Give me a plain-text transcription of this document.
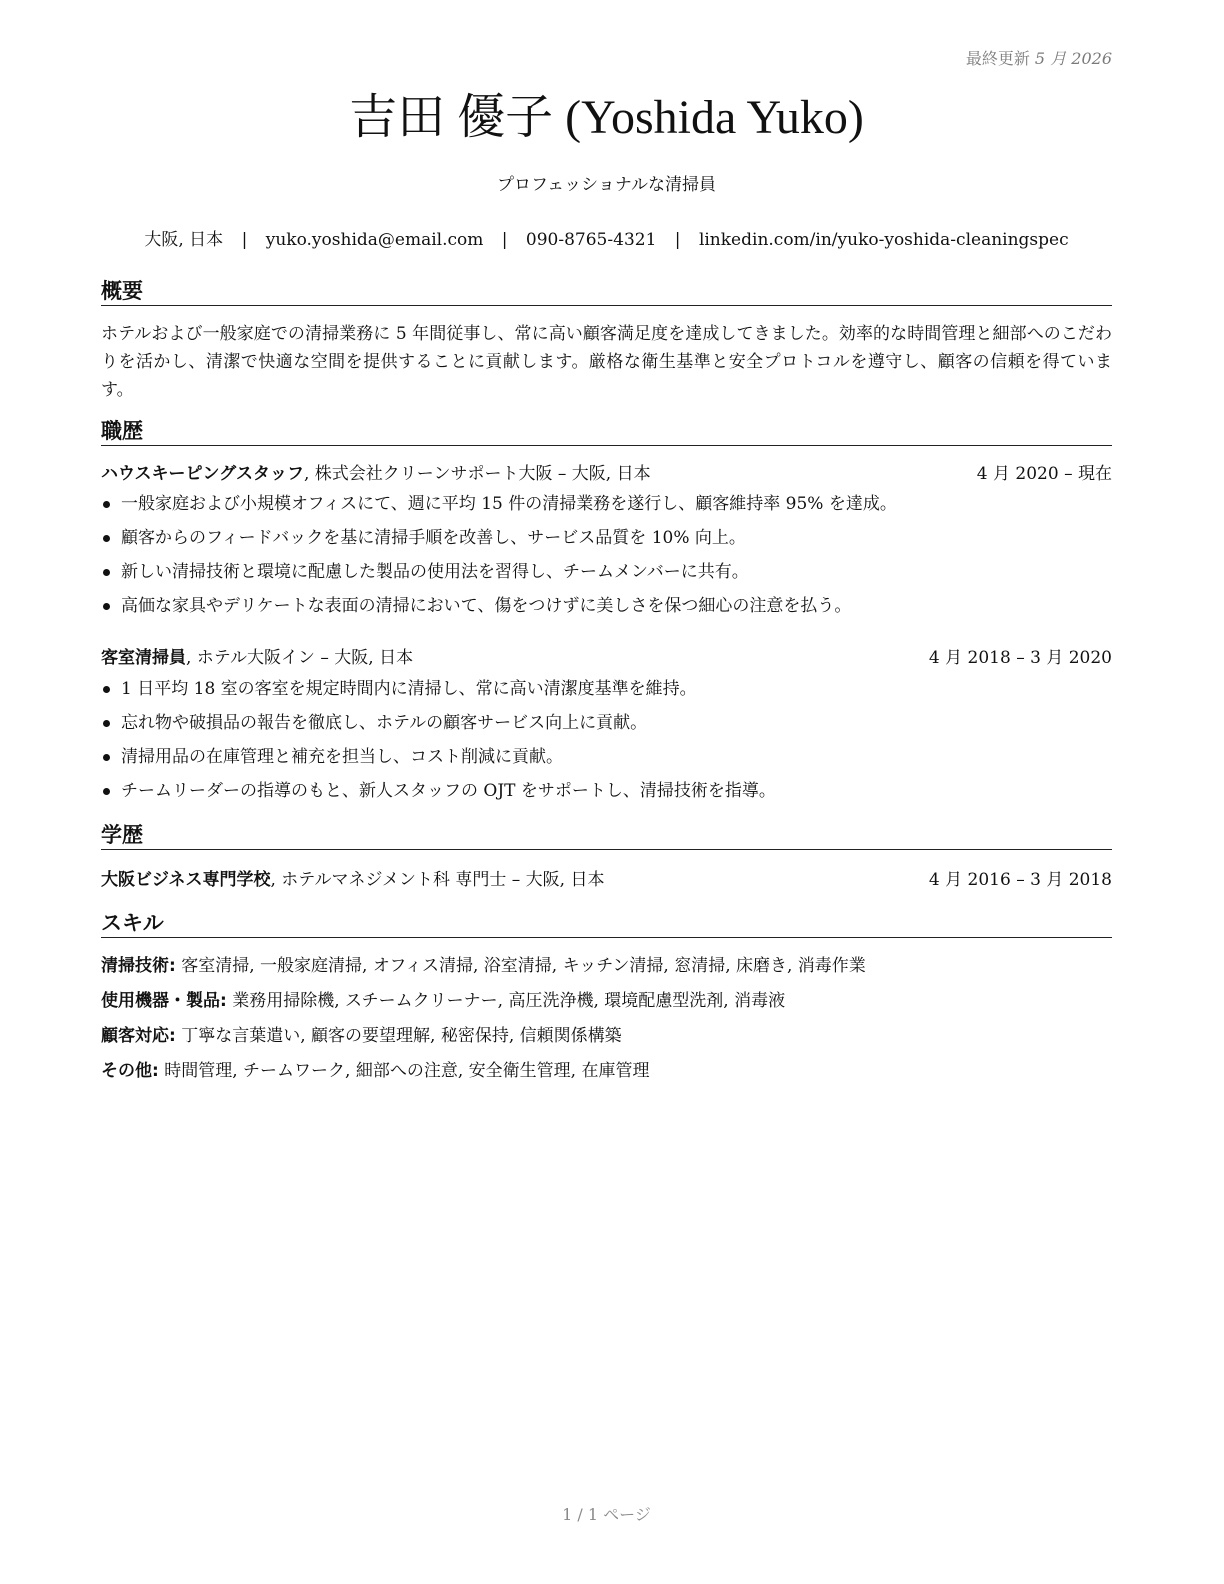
最終更新 5 月 2026
吉田 優子 (Yoshida Yuko)
プロフェッショナルな清掃員
大阪, 日本 | yuko.yoshida@email.com | 090-8765-4321 | linkedin.com/in/yuko-yoshida-cleaningspec
概要
ホテルおよび一般家庭での清掃業務に 5 年間従事し、常に高い顧客満足度を達成してきました。効率的な時間管理と細部へのこだわりを活かし、清潔で快適な空間を提供することに貢献します。厳格な衛生基準と安全プロトコルを遵守し、顧客の信頼を得ています。
職歴
ハウスキーピングスタッフ, 株式会社クリーンサポート大阪 – 大阪, 日本	4 月 2020 – 現在
一般家庭および小規模オフィスにて、週に平均 15 件の清掃業務を遂行し、顧客維持率 95% を達成。
顧客からのフィードバックを基に清掃手順を改善し、サービス品質を 10% 向上。
新しい清掃技術と環境に配慮した製品の使用法を習得し、チームメンバーに共有。
高価な家具やデリケートな表面の清掃において、傷をつけずに美しさを保つ細心の注意を払う。
客室清掃員, ホテル大阪イン – 大阪, 日本	4 月 2018 – 3 月 2020
1 日平均 18 室の客室を規定時間内に清掃し、常に高い清潔度基準を維持。
忘れ物や破損品の報告を徹底し、ホテルの顧客サービス向上に貢献。
清掃用品の在庫管理と補充を担当し、コスト削減に貢献。
チームリーダーの指導のもと、新人スタッフの OJT をサポートし、清掃技術を指導。
学歴
大阪ビジネス専門学校, ホテルマネジメント科 専門士 – 大阪, 日本	4 月 2016 – 3 月 2018
スキル
清掃技術: 客室清掃, 一般家庭清掃, オフィス清掃, 浴室清掃, キッチン清掃, 窓清掃, 床磨き, 消毒作業
使用機器・製品: 業務用掃除機, スチームクリーナー, 高圧洗浄機, 環境配慮型洗剤, 消毒液
顧客対応: 丁寧な言葉遣い, 顧客の要望理解, 秘密保持, 信頼関係構築
その他: 時間管理, チームワーク, 細部への注意, 安全衛生管理, 在庫管理
1 / 1 ページ
